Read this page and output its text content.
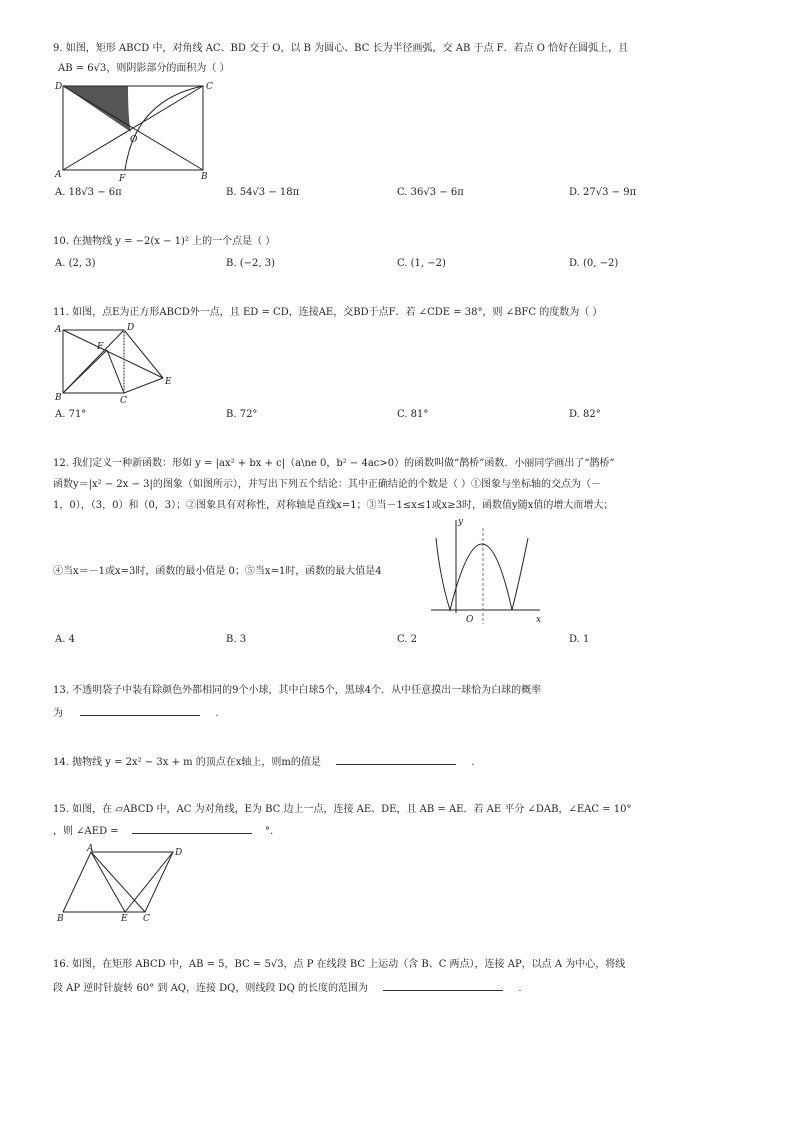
9. 如图，矩形 ABCD 中，对角线 AC、BD 交于 O，以 B 为圆心、BC 长为半径画弧，交 AB 于点 F．若点 O 恰好在圆弧上，且
AB = 6√3，则阴影部分的面积为（ ）
D	C
O
A	F	B
A. 18√3 − 6π	B. 54√3 − 18π	C. 36√3 − 6π	D. 27√3 − 9π
10. 在抛物线 y = −2(x − 1)² 上的一个点是（ ）
A. (2, 3)	B. (−2, 3)	C. (1, −2)	D. (0, −2)
11. 如图，点E为正方形ABCD外一点，且 ED = CD，连接AE，交BD于点F．若 ∠CDE = 38°，则 ∠BFC 的度数为（ ）
A	D
F
E
B	C
A. 71°	B. 72°	C. 81°	D. 82°
12. 我们定义一种新函数：形如 y = |ax² + bx + c|（a\ne 0，b² − 4ac>0）的函数叫做“鹊桥”函数．小丽同学画出了“鹊桥”
函数y＝|x² − 2x − 3|的图象（如图所示），并写出下列五个结论：其中正确结论的个数是（ ）①图象与坐标轴的交点为（－
1，0），（3，0）和（0，3）；②图象具有对称性，对称轴是直线x=1；③当－1≤x≤1或x≥3时，函数值y随x值的增大而增大；
④当x＝－1或x=3时，函数的最小值是 0；⑤当x=1时，函数的最大值是4
y
O	x
A. 4	B. 3	C. 2	D. 1
13. 不透明袋子中装有除颜色外都相同的9个小球，其中白球5个，黑球4个．从中任意摸出一球恰为白球的概率
为	.
14. 抛物线 y = 2x² − 3x + m 的顶点在x轴上，则m的值是	.
15. 如图，在 ▱ABCD 中，AC 为对角线，E为 BC 边上一点，连接 AE、DE，且 AB = AE．若 AE 平分 ∠DAB，∠EAC = 10°
，则 ∠AED =	°.
A	D
B	E C
16. 如图，在矩形 ABCD 中，AB = 5，BC = 5√3，点 P 在线段 BC 上运动（含 B、C 两点），连接 AP，以点 A 为中心，将线
段 AP 逆时针旋转 60° 到 AQ，连接 DQ，则线段 DQ 的长度的范围为	.
